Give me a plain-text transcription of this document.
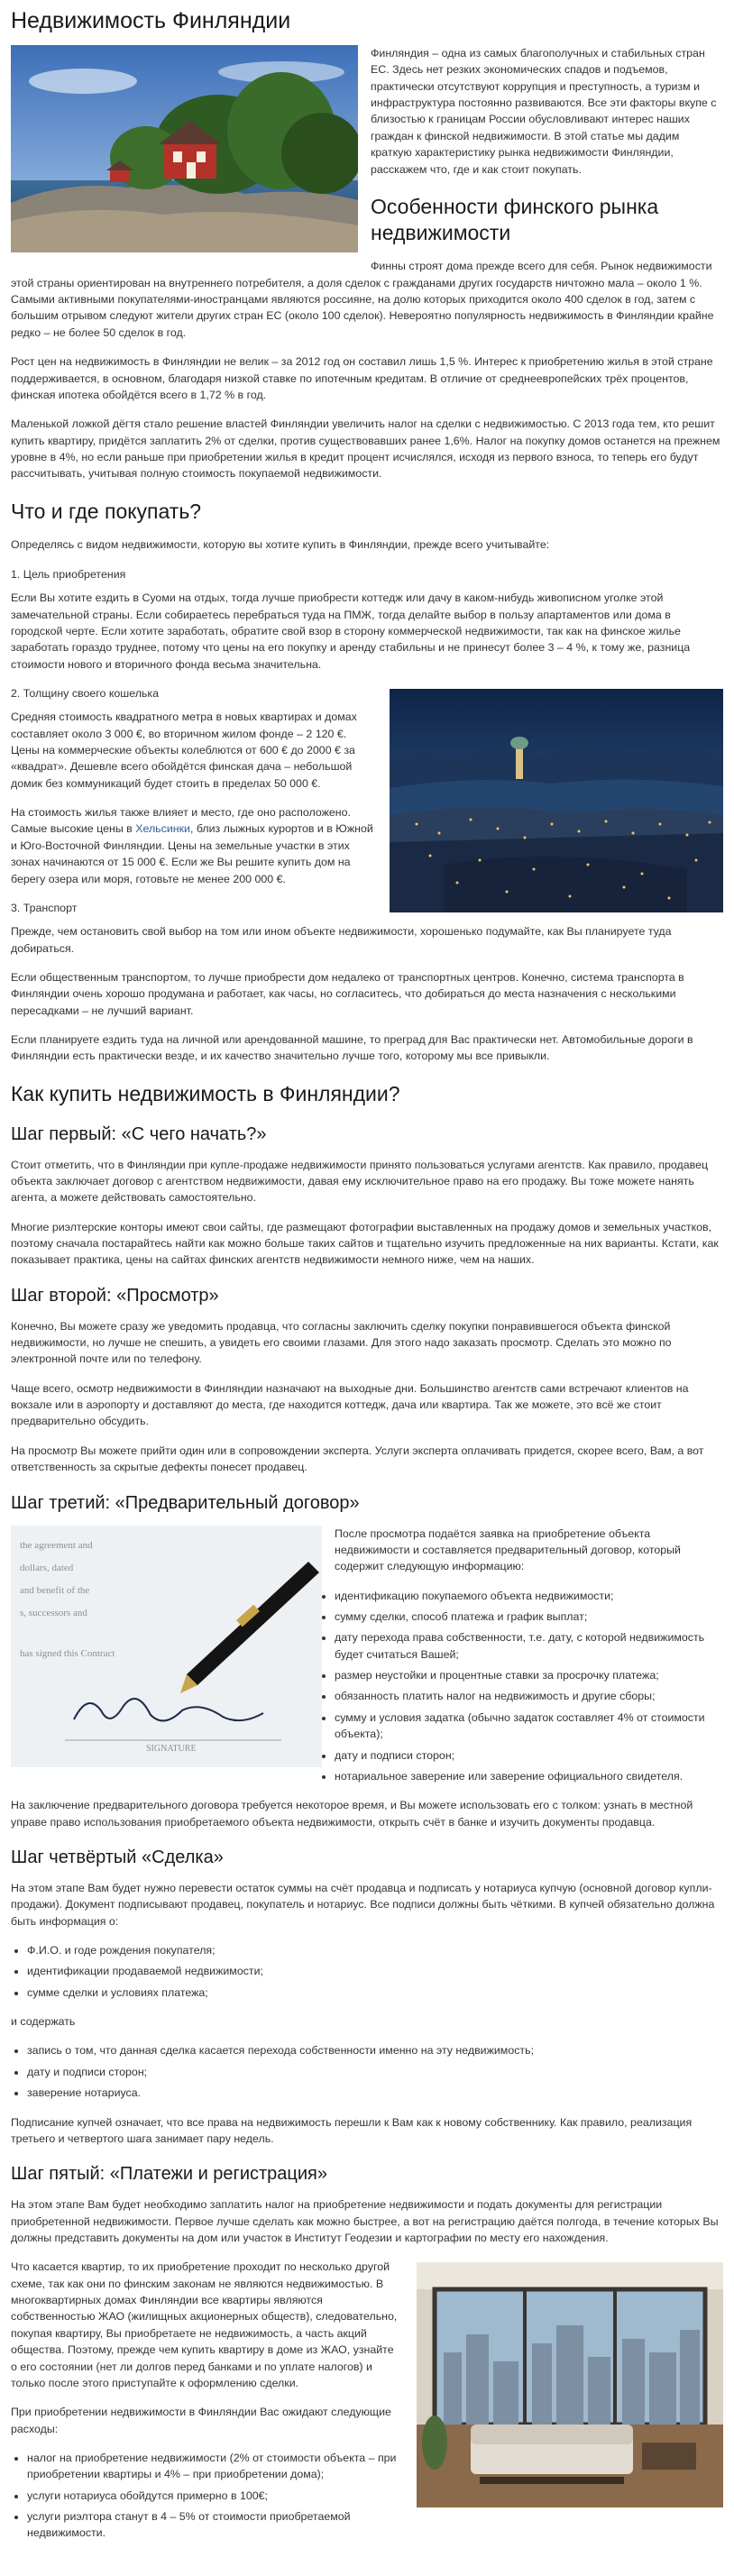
Недвижимость Финляндии

Финляндия – одна из самых благополучных и стабильных стран ЕС. Здесь нет резких экономических спадов и подъемов, практически отсутствуют коррупция и преступность, а туризм и инфраструктура постоянно развиваются. Все эти факторы вкупе с близостью к границам России обусловливают интерес наших граждан к финской недвижимости. В этой статье мы дадим краткую характеристику рынка недвижимости Финляндии, расскажем что, где и как стоит покупать.

Особенности финского рынка недвижимости

Финны строят дома прежде всего для себя. Рынок недвижимости этой страны ориентирован на внутреннего потребителя, а доля сделок с гражданами других государств ничтожно мала – около 1 %. Самыми активными покупателями-иностранцами являются россияне, на долю которых приходится около 400 сделок в год, затем с большим отрывом следуют жители других стран ЕС (около 100 сделок). Невероятно популярность недвижимость в Финляндии крайне редко – не более 50 сделок в год.

Рост цен на недвижимость в Финляндии не велик – за 2012 год он составил лишь 1,5 %. Интерес к приобретению жилья в этой стране поддерживается, в основном, благодаря низкой ставке по ипотечным кредитам. В отличие от среднеевропейских трёх процентов, финская ипотека обойдётся всего в 1,72 % в год.

Маленькой ложкой дёгтя стало решение властей Финляндии увеличить налог на сделки с недвижимостью. С 2013 года тем, кто решит купить квартиру, придётся заплатить 2% от сделки, против существовавших ранее 1,6%. Налог на покупку домов останется на прежнем уровне в 4%, но если раньше при приобретении жилья в кредит процент исчислялся, исходя из первого взноса, то теперь его будут рассчитывать, учитывая полную стоимость покупаемой недвижимости.

Что и где покупать?

Определясь с видом недвижимости, которую вы хотите купить в Финляндии, прежде всего учитывайте:

1. Цель приобретения

Если Вы хотите ездить в Суоми на отдых, тогда лучше приобрести коттедж или дачу в каком-нибудь живописном уголке этой замечательной страны. Если собираетесь перебраться туда на ПМЖ, тогда делайте выбор в пользу апартаментов или дома в городской черте. Если хотите заработать, обратите свой взор в сторону коммерческой недвижимости, так как на финское жилье заработать гораздо труднее, потому что цены на его покупку и аренду стабильны и не принесут более 3 – 4 %, к тому же, разница стоимости нового и вторичного фонда весьма значительна.

2. Толщину своего кошелька

Средняя стоимость квадратного метра в новых квартирах и домах составляет около 3 000 €, во вторичном жилом фонде – 2 120 €. Цены на коммерческие объекты колеблются от 600 € до 2000 € за «квадрат». Дешевле всего обойдётся финская дача – небольшой домик без коммуникаций будет стоить в пределах 50 000 €.

На стоимость жилья также влияет и место, где оно расположено. Самые высокие цены в Хельсинки, близ лыжных курортов и в Южной и Юго-Восточной Финляндии. Цены на земельные участки в этих зонах начинаются от 15 000 €. Если же Вы решите купить дом на берегу озера или моря, готовьте не менее 200 000 €.

3. Транспорт

Прежде, чем остановить свой выбор на том или ином объекте недвижимости, хорошенько подумайте, как Вы планируете туда добираться.

Если общественным транспортом, то лучше приобрести дом недалеко от транспортных центров. Конечно, система транспорта в Финляндии очень хорошо продумана и работает, как часы, но согласитесь, что добираться до места назначения с несколькими пересадками – не лучший вариант.

Если планируете ездить туда на личной или арендованной машине, то преград для Вас практически нет. Автомобильные дороги в Финляндии есть практически везде, и их качество значительно лучше того, которому мы все привыкли.

Как купить недвижимость в Финляндии?
Шаг первый: «С чего начать?»

Стоит отметить, что в Финляндии при купле-продаже недвижимости принято пользоваться услугами агентств. Как правило, продавец объекта заключает договор с агентством недвижимости, давая ему исключительное право на его продажу. Вы тоже можете нанять агента, а можете действовать самостоятельно.

Многие риэлтерские конторы имеют свои сайты, где размещают фотографии выставленных на продажу домов и земельных участков, поэтому сначала постарайтесь найти как можно больше таких сайтов и тщательно изучить предложенные на них варианты. Кстати, как показывает практика, цены на сайтах финских агентств недвижимости немного ниже, чем на наших.

Шаг второй: «Просмотр»

Конечно, Вы можете сразу же уведомить продавца, что согласны заключить сделку покупки понравившегося объекта финской недвижимости, но лучше не спешить, а увидеть его своими глазами. Для этого надо заказать просмотр. Сделать это можно по электронной почте или по телефону.

Чаще всего, осмотр недвижимости в Финляндии назначают на выходные дни. Большинство агентств сами встречают клиентов на вокзале или в аэропорту и доставляют до места, где находится коттедж, дача или квартира. Так же можете, это всё же стоит предварительно обсудить.

На просмотр Вы можете прийти один или в сопровождении эксперта. Услуги эксперта оплачивать придется, скорее всего, Вам, а вот ответственность за скрытые дефекты понесет продавец.

Шаг третий: «Предварительный договор»
the agreement and
dollars, dated
and benefit of the
s, successors and
has signed this Contract
SIGNATURE

После просмотра подаётся заявка на приобретение объекта недвижимости и составляется предварительный договор, который содержит следующую информацию:

• идентификацию покупаемого объекта недвижимости;
• сумму сделки, способ платежа и график выплат;
• дату перехода права собственности, т.е. дату, с которой недвижимость будет считаться Вашей;
• размер неустойки и процентные ставки за просрочку платежа;
• обязанность платить налог на недвижимость и другие сборы;
• сумму и условия задатка (обычно задаток составляет 4% от стоимости объекта);
• дату и подписи сторон;
• нотариальное заверение или заверение официального свидетеля.

На заключение предварительного договора требуется некоторое время, и Вы можете использовать его с толком: узнать в местной управе право использования приобретаемого объекта недвижимости, открыть счёт в банке и изучить документы продавца.

Шаг четвёртый «Сделка»

На этом этапе Вам будет нужно перевести остаток суммы на счёт продавца и подписать у нотариуса купчую (основной договор купли-продажи). Документ подписывают продавец, покупатель и нотариус. Все подписи должны быть чёткими. В купчей обязательно должна быть информация о:

• Ф.И.О. и годе рождения покупателя;
• идентификации продаваемой недвижимости;
• сумме сделки и условиях платежа;

и содержать

• запись о том, что данная сделка касается перехода собственности именно на эту недвижимость;
• дату и подписи сторон;
• заверение нотариуса.

Подписание купчей означает, что все права на недвижимость перешли к Вам как к новому собственнику. Как правило, реализация третьего и четвертого шага занимает пару недель.

Шаг пятый: «Платежи и регистрация»

На этом этапе Вам будет необходимо заплатить налог на приобретение недвижимости и подать документы для регистрации приобретенной недвижимости. Первое лучше сделать как можно быстрее, а вот на регистрацию даётся полгода, в течение которых Вы должны представить документы на дом или участок в Институт Геодезии и картографии по месту его нахождения.

Что касается квартир, то их приобретение проходит по несколько другой схеме, так как они по финским законам не являются недвижимостью. В многоквартирных домах Финляндии все квартиры являются собственностью ЖАО (жилищных акционерных обществ), следовательно, покупая квартиру, Вы приобретаете не недвижимость, а часть акций общества. Поэтому, прежде чем купить квартиру в доме из ЖАО, узнайте о его состоянии (нет ли долгов перед банками и по уплате налогов) и только после этого приступайте к оформлению сделки.

При приобретении недвижимости в Финляндии Вас ожидают следующие расходы:

• налог на приобретение недвижимости (2% от стоимости объекта – при приобретении квартиры и 4% – при приобретении дома);
• услуги нотариуса обойдутся примерно в 100€;
• услуги риэлтора станут в 4 – 5% от стоимости приобретаемой недвижимости.
